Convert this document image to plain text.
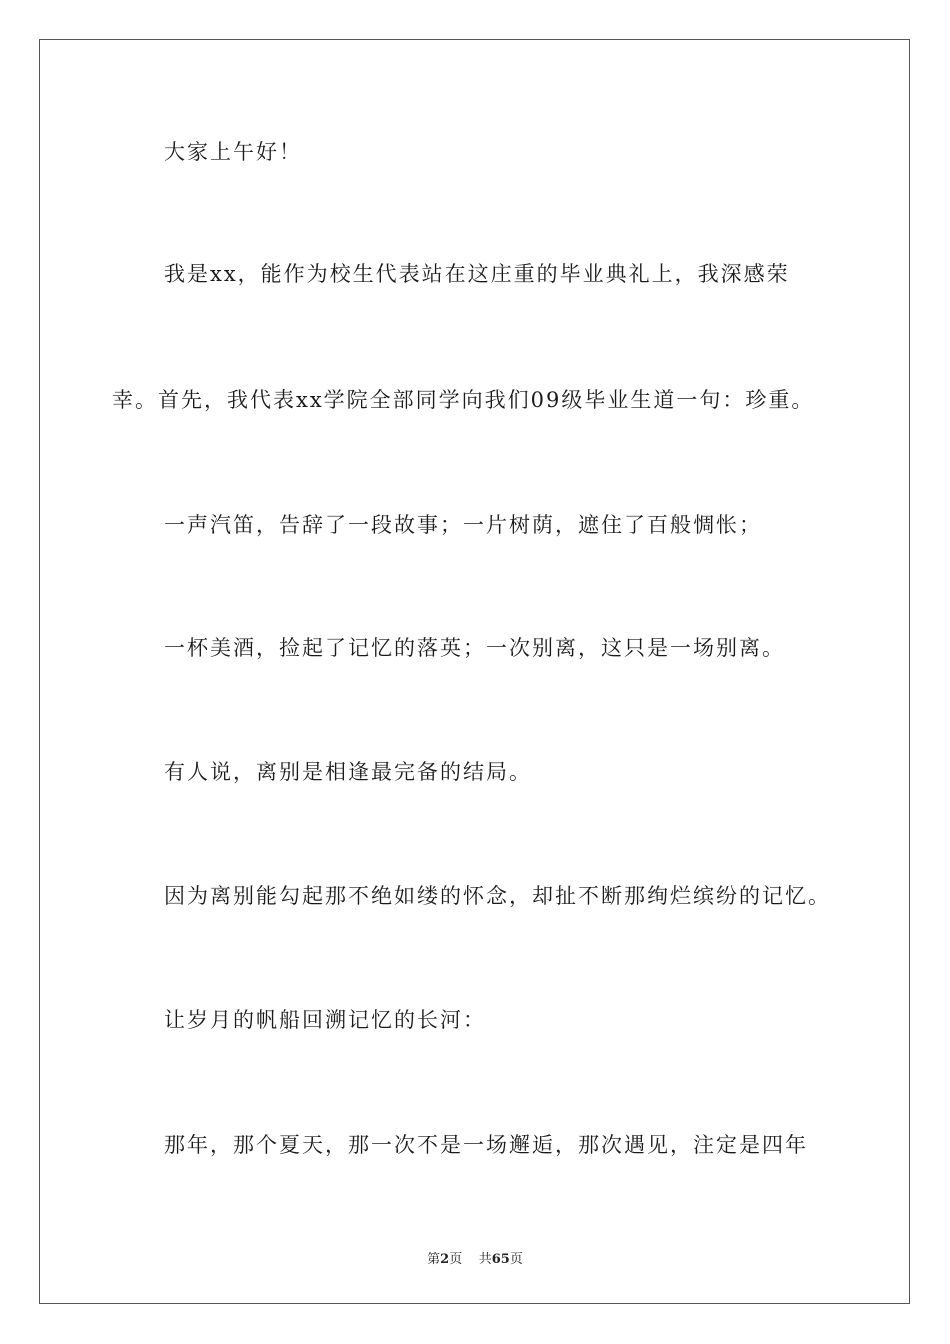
大家上午好！
我是xx，能作为校生代表站在这庄重的毕业典礼上，我深感荣
幸。首先，我代表xx学院全部同学向我们09级毕业生道一句：珍重。
一声汽笛，告辞了一段故事；一片树荫，遮住了百般惆怅；
一杯美酒，捡起了记忆的落英；一次别离，这只是一场别离。
有人说，离别是相逢最完备的结局。
因为离别能勾起那不绝如缕的怀念，却扯不断那绚烂缤纷的记忆。
让岁月的帆船回溯记忆的长河：
那年，那个夏天，那一次不是一场邂逅，那次遇见，注定是四年
第2页 共65页
